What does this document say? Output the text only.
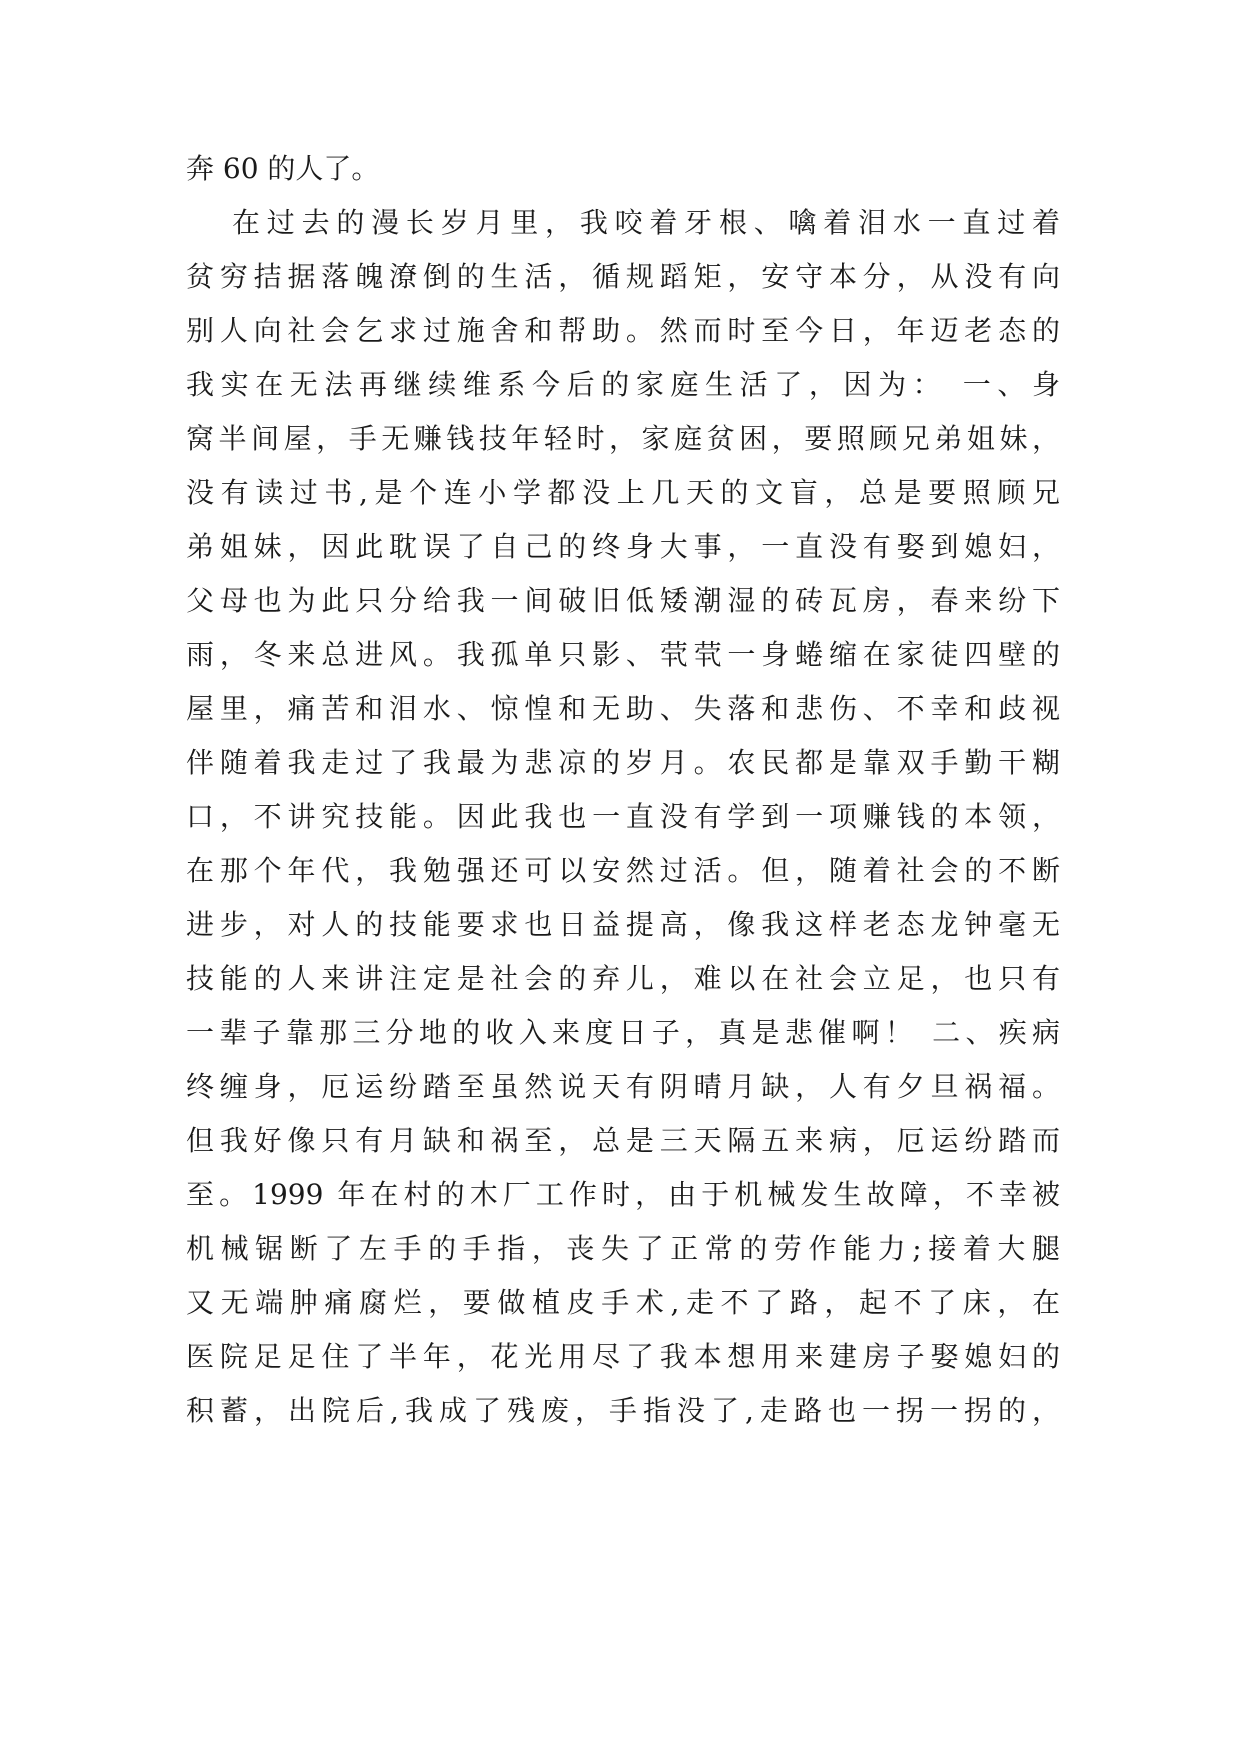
奔 60 的人了。

在过去的漫长岁月里，我咬着牙根、噙着泪水一直过着

贫穷拮据落魄潦倒的生活，循规蹈矩，安守本分，从没有向

别人向社会乞求过施舍和帮助。然而时至今日，年迈老态的

我实在无法再继续维系今后的家庭生活了，因为： 一、身

窝半间屋，手无赚钱技年轻时，家庭贫困，要照顾兄弟姐妹，

没有读过书,是个连小学都没上几天的文盲，总是要照顾兄

弟姐妹，因此耽误了自己的终身大事，一直没有娶到媳妇，

父母也为此只分给我一间破旧低矮潮湿的砖瓦房，春来纷下

雨，冬来总进风。我孤单只影、茕茕一身蜷缩在家徒四壁的

屋里，痛苦和泪水、惊惶和无助、失落和悲伤、不幸和歧视

伴随着我走过了我最为悲凉的岁月。农民都是靠双手勤干糊

口，不讲究技能。因此我也一直没有学到一项赚钱的本领，

在那个年代，我勉强还可以安然过活。但，随着社会的不断

进步，对人的技能要求也日益提高，像我这样老态龙钟毫无

技能的人来讲注定是社会的弃儿，难以在社会立足，也只有

一辈子靠那三分地的收入来度日子，真是悲催啊！ 二、疾病

终缠身，厄运纷踏至虽然说天有阴晴月缺，人有夕旦祸福。

但我好像只有月缺和祸至，总是三天隔五来病，厄运纷踏而

至。1999 年在村的木厂工作时，由于机械发生故障，不幸被

机械锯断了左手的手指，丧失了正常的劳作能力;接着大腿

又无端肿痛腐烂，要做植皮手术,走不了路，起不了床，在

医院足足住了半年，花光用尽了我本想用来建房子娶媳妇的

积蓄，出院后,我成了残废，手指没了,走路也一拐一拐的，
